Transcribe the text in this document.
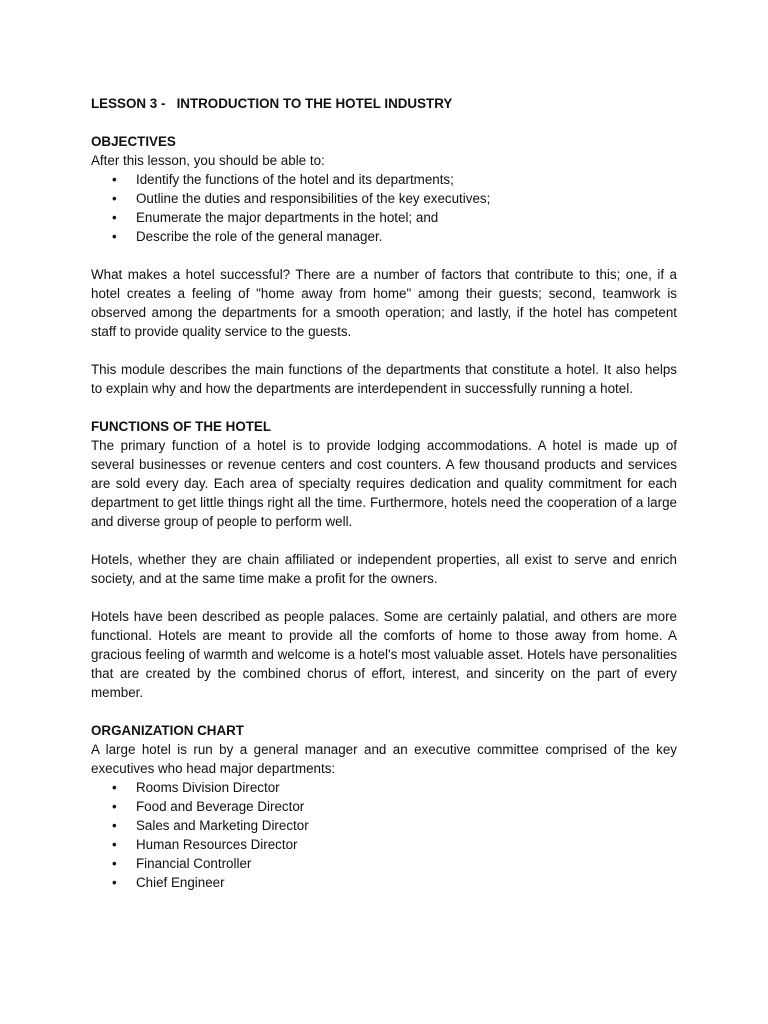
LESSON 3 -   INTRODUCTION TO THE HOTEL INDUSTRY
OBJECTIVES

After this lesson, you should be able to:

• Identify the functions of the hotel and its departments;
• Outline the duties and responsibilities of the key executives;
• Enumerate the major departments in the hotel; and
• Describe the role of the general manager.

What makes a hotel successful? There are a number of factors that contribute to this; one, if a hotel creates a feeling of "home away from home" among their guests; second, teamwork is observed among the departments for a smooth operation; and lastly, if the hotel has competent staff to provide quality service to the guests.

This module describes the main functions of the departments that constitute a hotel. It also helps to explain why and how the departments are interdependent in successfully running a hotel.

FUNCTIONS OF THE HOTEL

The primary function of a hotel is to provide lodging accommodations. A hotel is made up of several businesses or revenue centers and cost counters. A few thousand products and services are sold every day. Each area of specialty requires dedication and quality commitment for each department to get little things right all the time. Furthermore, hotels need the cooperation of a large and diverse group of people to perform well.

Hotels, whether they are chain affiliated or independent properties, all exist to serve and enrich society, and at the same time make a profit for the owners.

Hotels have been described as people palaces. Some are certainly palatial, and others are more functional. Hotels are meant to provide all the comforts of home to those away from home. A gracious feeling of warmth and welcome is a hotel's most valuable asset. Hotels have personalities that are created by the combined chorus of effort, interest, and sincerity on the part of every member.

ORGANIZATION CHART

A large hotel is run by a general manager and an executive committee comprised of the key executives who head major departments:

• Rooms Division Director
• Food and Beverage Director
• Sales and Marketing Director
• Human Resources Director
• Financial Controller
• Chief Engineer
